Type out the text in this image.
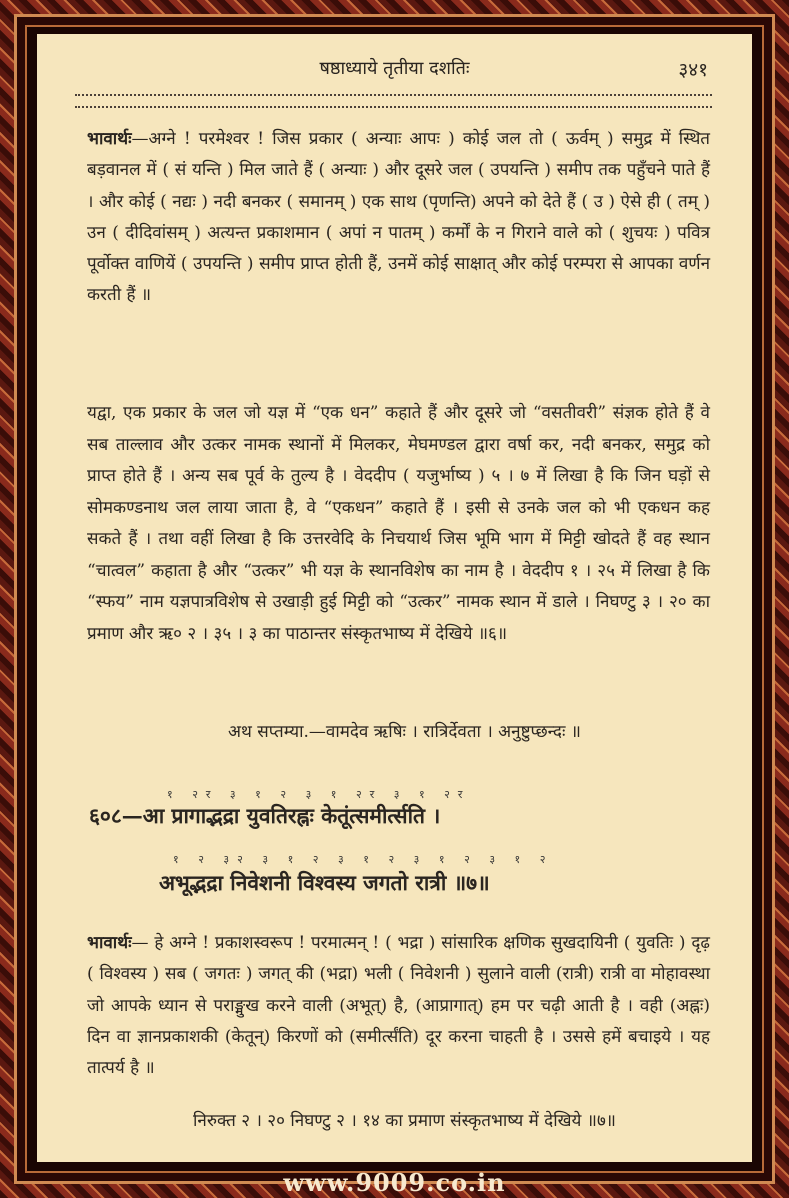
षष्ठाध्याये तृतीया दशतिः	३४१
भावार्थः—अग्ने ! परमेश्वर ! जिस प्रकार ( अन्याः आपः ) कोई जल तो ( ऊर्वम् ) समुद्र में स्थित बड़वानल में ( सं यन्ति ) मिल जाते हैं ( अन्याः ) और दूसरे जल ( उपयन्ति ) समीप तक पहुँचने पाते हैं । और कोई ( नद्यः ) नदी बनकर ( समानम् ) एक साथ (पृणन्ति) अपने को देते हैं ( उ ) ऐसे ही ( तम् ) उन ( दीदिवांसम् ) अत्यन्त प्रकाशमान ( अपां न पातम् ) कर्मों के न गिराने वाले को ( शुचयः ) पवित्र पूर्वोक्त वाणियें ( उपयन्ति ) समीप प्राप्त होती हैं, उनमें कोई साक्षात् और कोई परम्परा से आपका वर्णन करती हैं ॥
यद्वा, एक प्रकार के जल जो यज्ञ में “एक धन” कहाते हैं और दूसरे जो “वसतीवरी” संज्ञक होते हैं वे सब ताल्लाव और उत्कर नामक स्थानों में मिलकर, मेघमण्डल द्वारा वर्षा कर, नदी बनकर, समुद्र को प्राप्त होते हैं । अन्य सब पूर्व के तुल्य है । वेददीप ( यजुर्भाष्य ) ५ । ७ में लिखा है कि जिन घड़ों से सोमकण्डनाथ जल लाया जाता है, वे “एकधन” कहाते हैं । इसी से उनके जल को भी एकधन कह सकते हैं । तथा वहीं लिखा है कि उत्तरवेदि के निचयार्थ जिस भूमि भाग में मिट्टी खोदते हैं वह स्थान “चात्वल” कहाता है और “उत्कर” भी यज्ञ के स्थानविशेष का नाम है । वेददीप १ । २५ में लिखा है कि “स्फय” नाम यज्ञपात्रविशेष से उखाड़ी हुई मिट्टी को “उत्कर” नामक स्थान में डाले । निघण्टु ३ । २० का प्रमाण और ऋ० २ । ३५ । ३ का पाठान्तर संस्कृतभाष्य में देखिये ॥६॥
अथ सप्तम्या.—वामदेव ऋषिः । रात्रिर्देवता । अनुष्टुप्छन्दः ॥
१ २र ३ १ २ ३ १ २र ३ १ २र
६०८—आ प्रागाद्भद्रा युवतिरह्नः केतूंत्समीर्त्सति ।
१ २ ३२ ३ १ २ ३ १ २ ३ १ २ ३ १ २
अभूद्भद्रा निवेशनी विश्वस्य जगतो रात्री ॥७॥
भावार्थः— हे अग्ने ! प्रकाशस्वरूप ! परमात्मन् ! ( भद्रा ) सांसारिक क्षणिक सुखदायिनी ( युवतिः ) दृढ़ ( विश्वस्य ) सब ( जगतः ) जगत् की (भद्रा) भली ( निवेशनी ) सुलाने वाली (रात्री) रात्री वा मोहावस्था जो आपके ध्यान से पराङ्मुख करने वाली (अभूत्) है, (आप्रागात्) हम पर चढ़ी आती है । वही (अह्नः) दिन वा ज्ञानप्रकाशकी (केतून्) किरणों को (समीर्त्संति) दूर करना चाहती है । उससे हमें बचाइये । यह तात्पर्य है ॥
निरुक्त २ । २० निघण्टु २ । १४ का प्रमाण संस्कृतभाष्य में देखिये ॥७॥
www.9009.co.in
